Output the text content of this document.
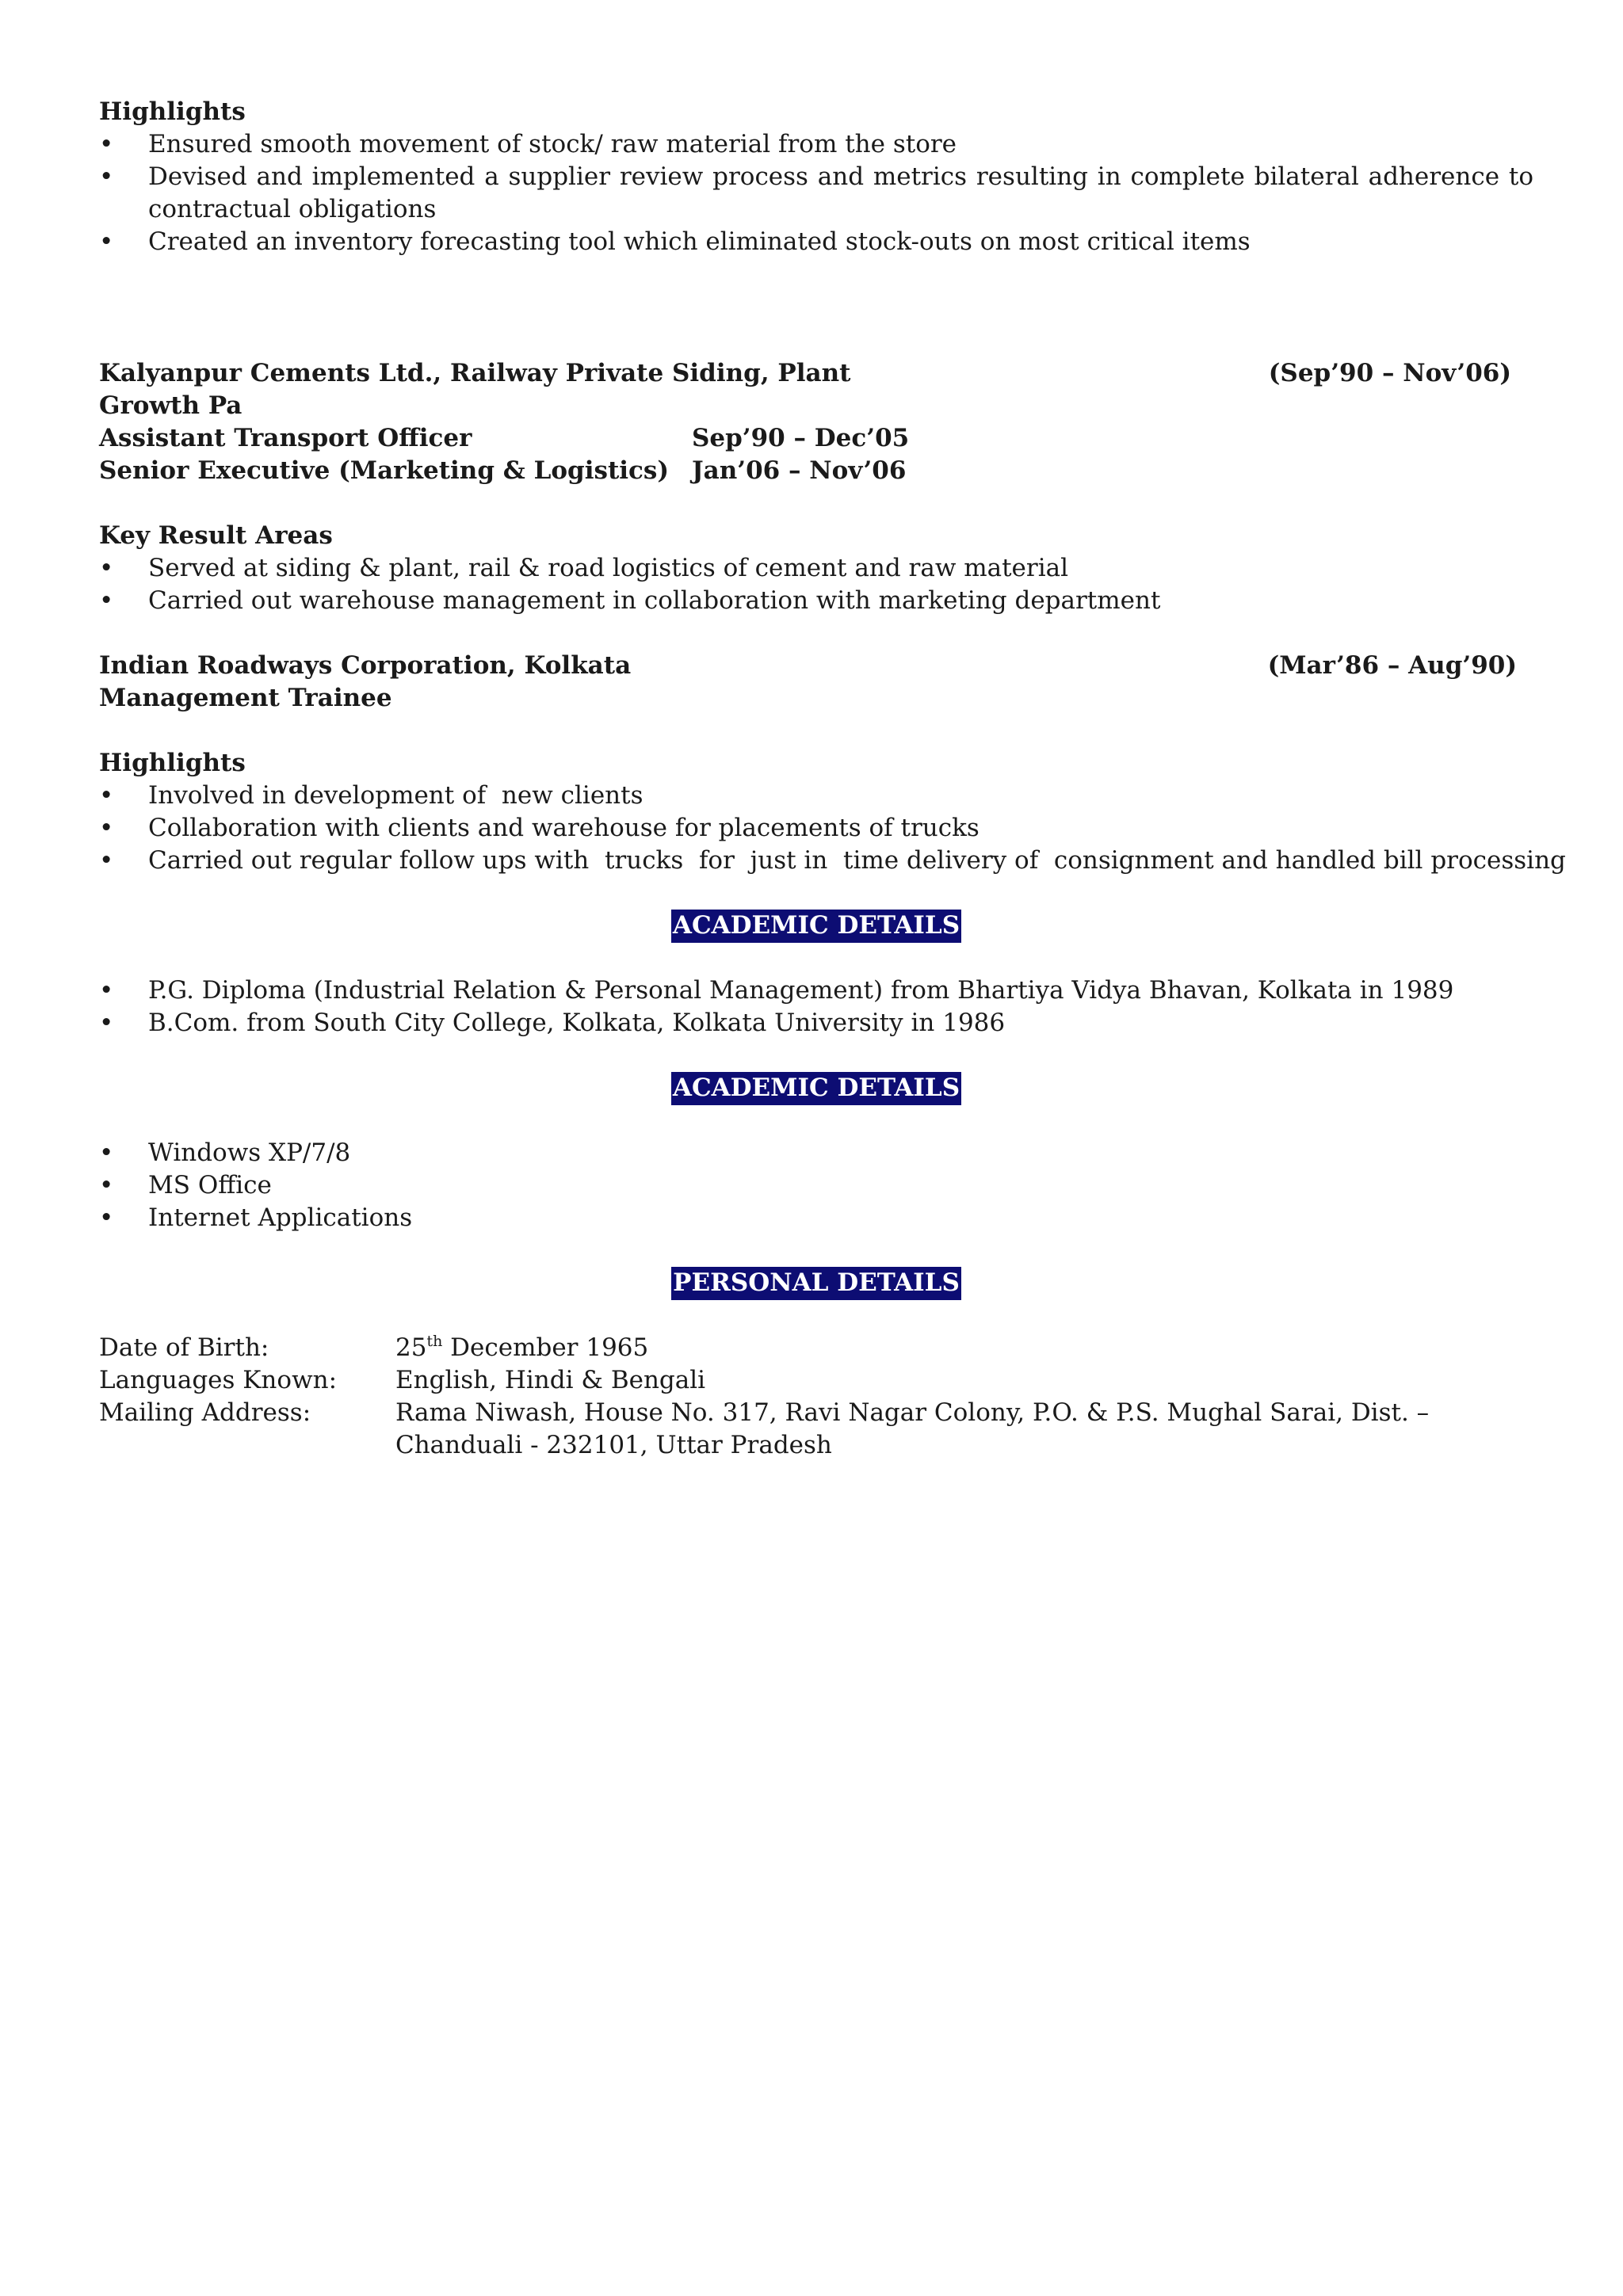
Highlights
• Ensured smooth movement of stock/ raw material from the store
• Devised and implemented a supplier review process and metrics resulting in complete bilateral adherence to contractual obligations
• Created an inventory forecasting tool which eliminated stock-outs on most critical items
Kalyanpur Cements Ltd., Railway Private Siding, Plant	(Sep’90 – Nov’06)
Growth Pa
Assistant Transport Officer	Sep’90 – Dec’05
Senior Executive (Marketing & Logistics) Jan’06 – Nov’06
Key Result Areas
• Served at siding & plant, rail & road logistics of cement and raw material
• Carried out warehouse management in collaboration with marketing department
Indian Roadways Corporation, Kolkata	(Mar’86 – Aug’90)
Management Trainee
Highlights
• Involved in development of  new clients
• Collaboration with clients and warehouse for placements of trucks
• Carried out regular follow ups with  trucks  for  just in  time delivery of  consignment and handled bill processing
ACADEMIC DETAILS
• P.G. Diploma (Industrial Relation & Personal Management) from Bhartiya Vidya Bhavan, Kolkata in 1989
• B.Com. from South City College, Kolkata, Kolkata University in 1986
ACADEMIC DETAILS
• Windows XP/7/8
• MS Office
• Internet Applications
PERSONAL DETAILS
Date of Birth:	25th December 1965
Languages Known:	English, Hindi & Bengali
Mailing Address:	Rama Niwash, House No. 317, Ravi Nagar Colony, P.O. & P.S. Mughal Sarai, Dist. – Chanduali - 232101, Uttar Pradesh
